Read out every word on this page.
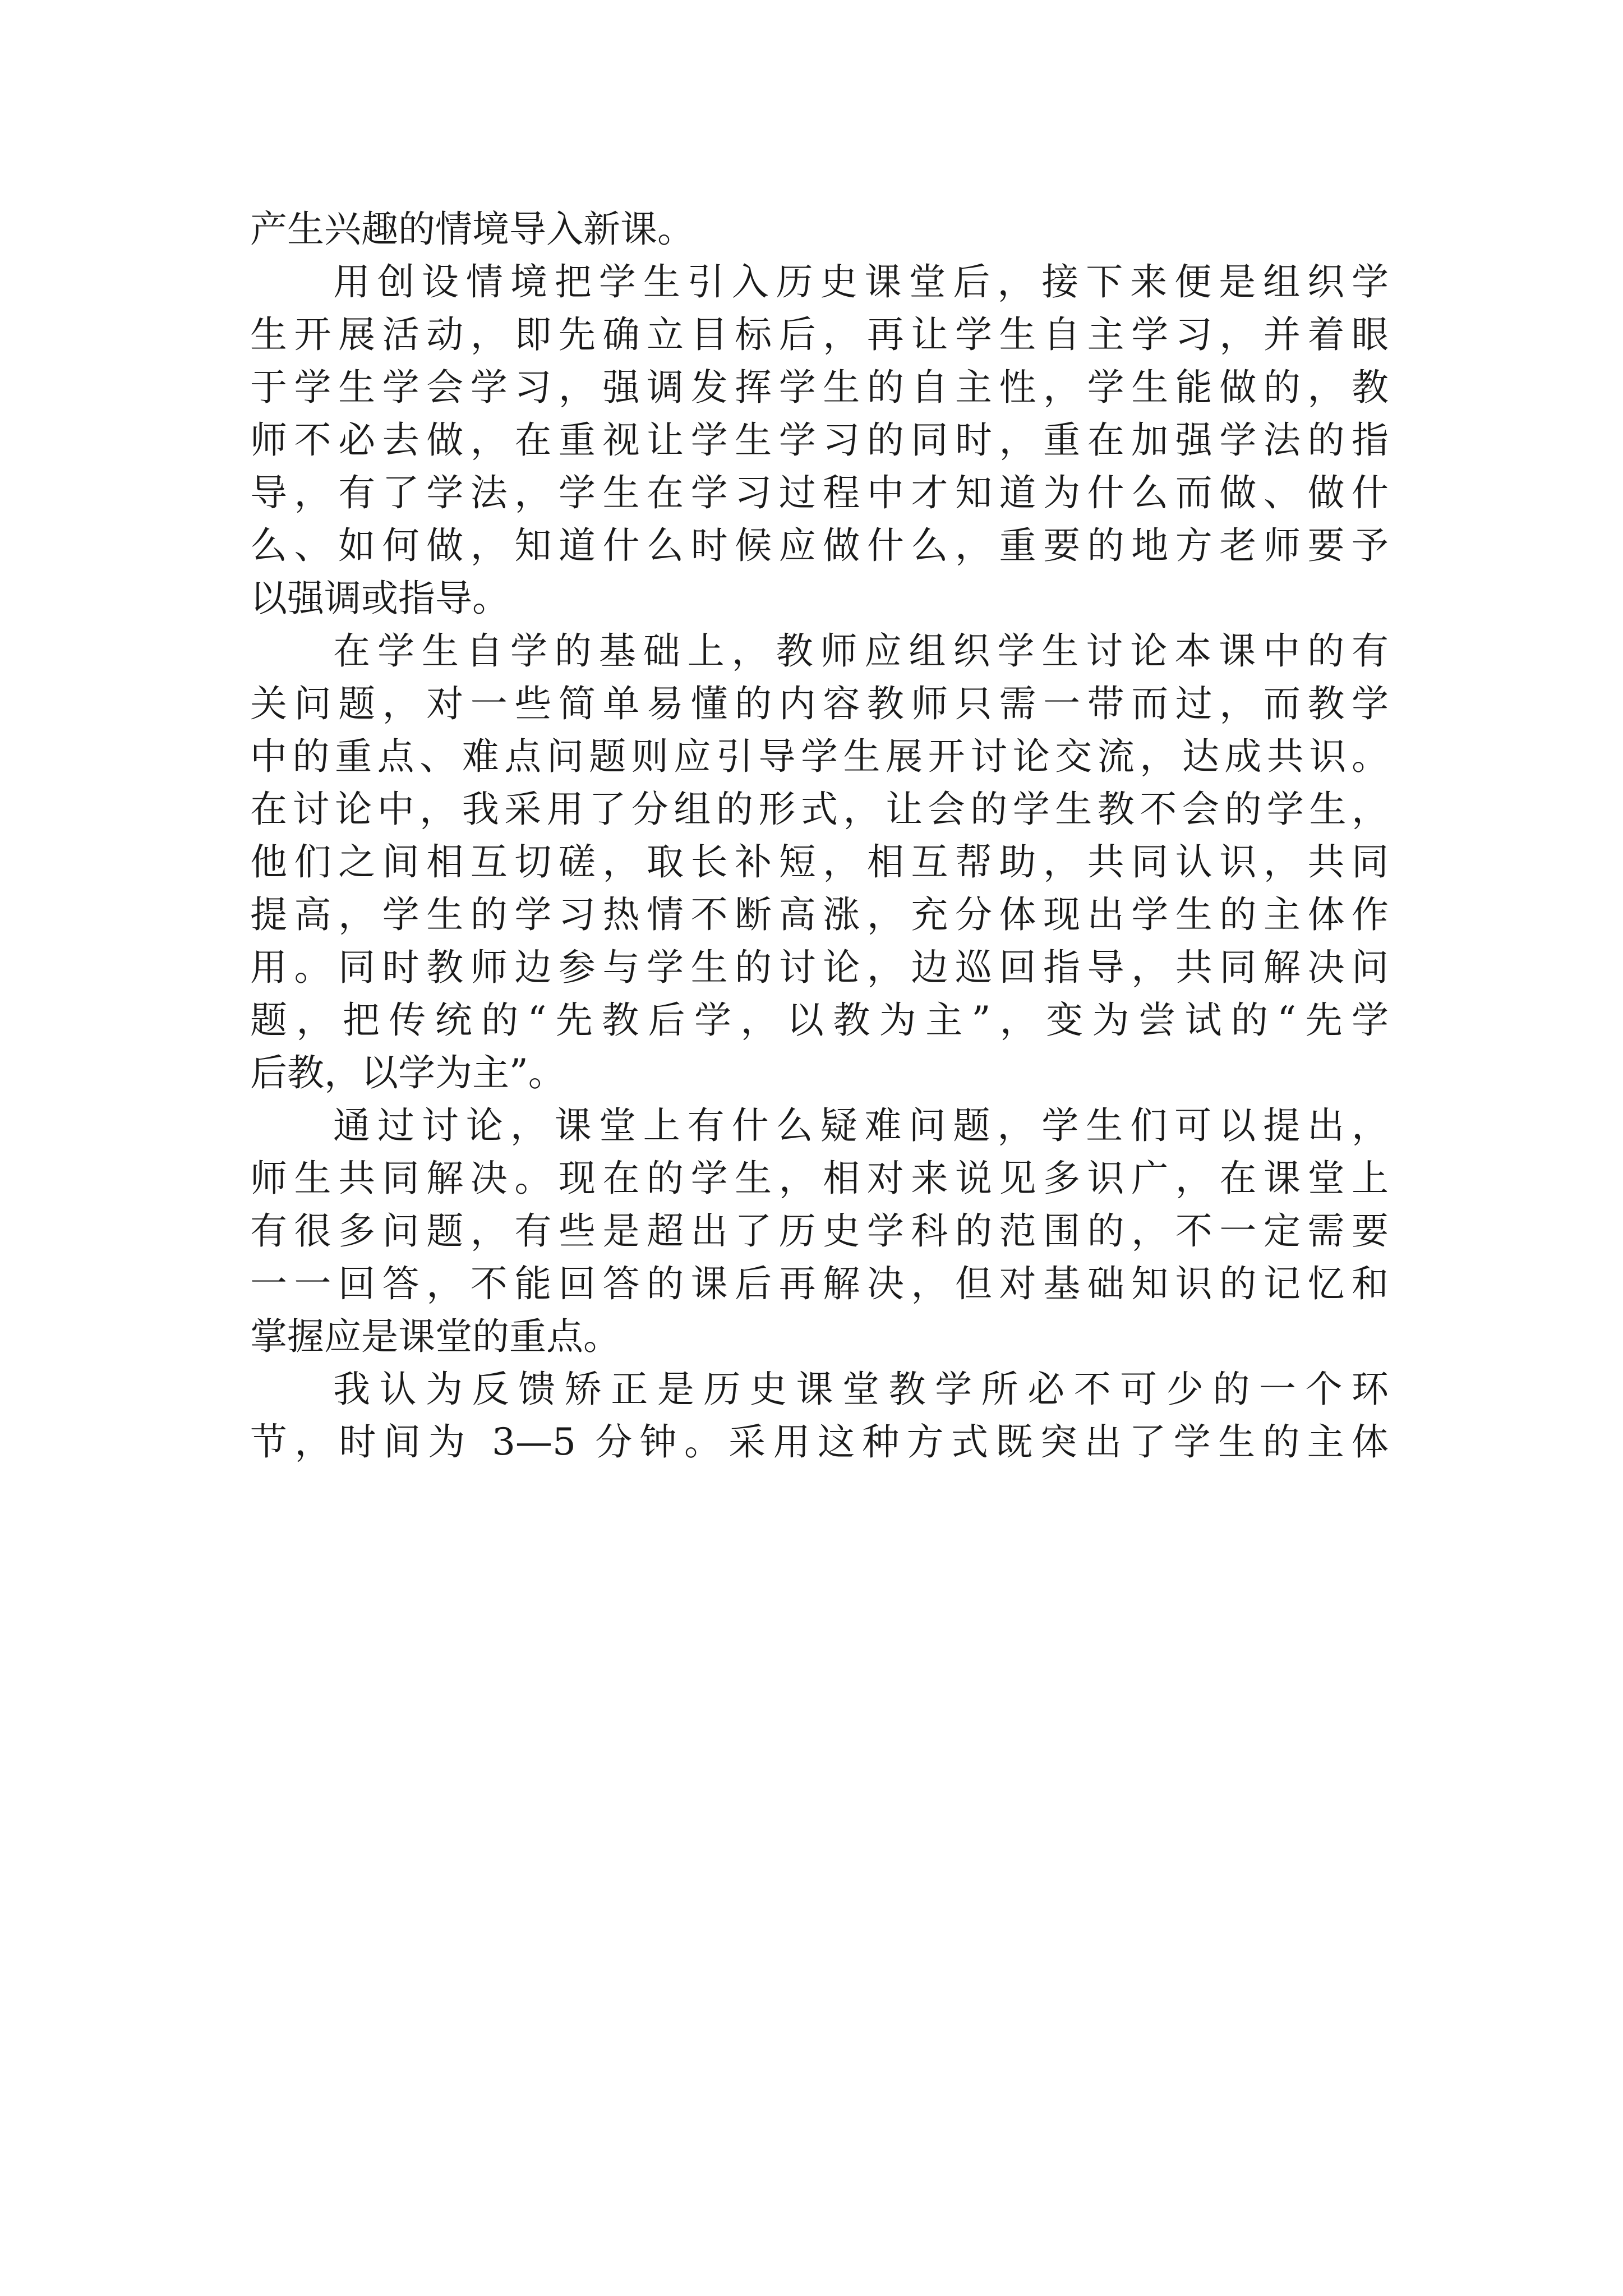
产生兴趣的情境导入新课。
用创设情境把学生引入历史课堂后，接下来便是组织学
生开展活动，即先确立目标后，再让学生自主学习，并着眼
于学生学会学习，强调发挥学生的自主性，学生能做的，教
师不必去做，在重视让学生学习的同时，重在加强学法的指
导，有了学法，学生在学习过程中才知道为什么而做、做什
么、如何做，知道什么时候应做什么，重要的地方老师要予
以强调或指导。
在学生自学的基础上，教师应组织学生讨论本课中的有
关问题，对一些简单易懂的内容教师只需一带而过，而教学
中的重点、难点问题则应引导学生展开讨论交流，达成共识。
在讨论中，我采用了分组的形式，让会的学生教不会的学生，
他们之间相互切磋，取长补短，相互帮助，共同认识，共同
提高，学生的学习热情不断高涨，充分体现出学生的主体作
用。同时教师边参与学生的讨论，边巡回指导，共同解决问
题，把传统的“先教后学，以教为主”，变为尝试的“先学
后教，以学为主”。
通过讨论，课堂上有什么疑难问题，学生们可以提出，
师生共同解决。现在的学生，相对来说见多识广，在课堂上
有很多问题，有些是超出了历史学科的范围的，不一定需要
一一回答，不能回答的课后再解决，但对基础知识的记忆和
掌握应是课堂的重点。
我认为反馈矫正是历史课堂教学所必不可少的一个环
节，时间为 3—5 分钟。采用这种方式既突出了学生的主体
